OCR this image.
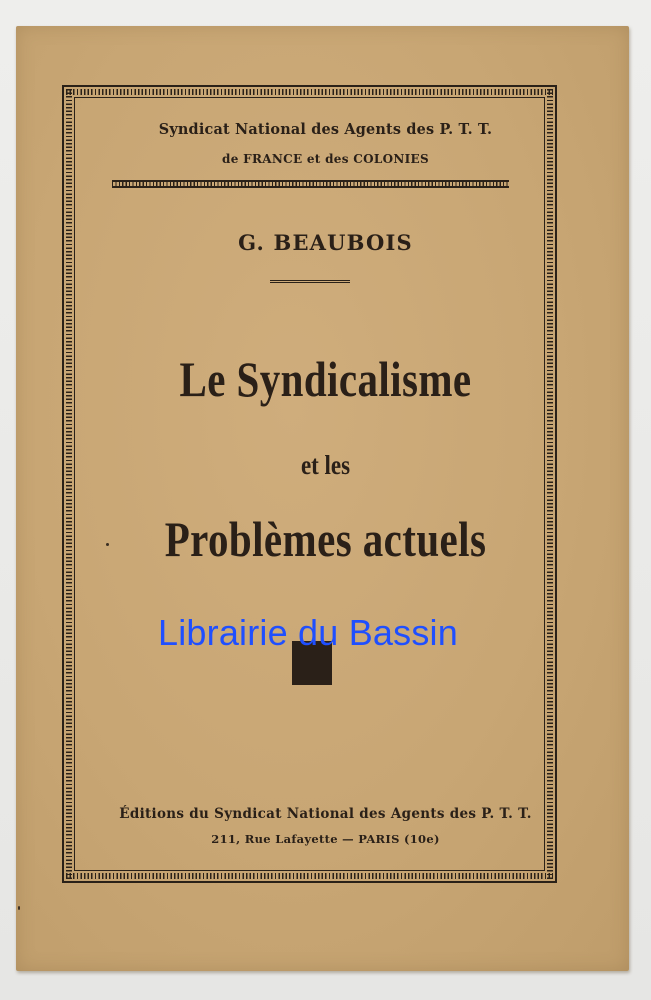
Syndicat National des Agents des P. T. T.
de FRANCE et des COLONIES
G. BEAUBOIS
Le Syndicalisme
et les
Problèmes actuels
Librairie du Bassin
Éditions du Syndicat National des Agents des P. T. T.
211, Rue Lafayette — PARIS (10e)
